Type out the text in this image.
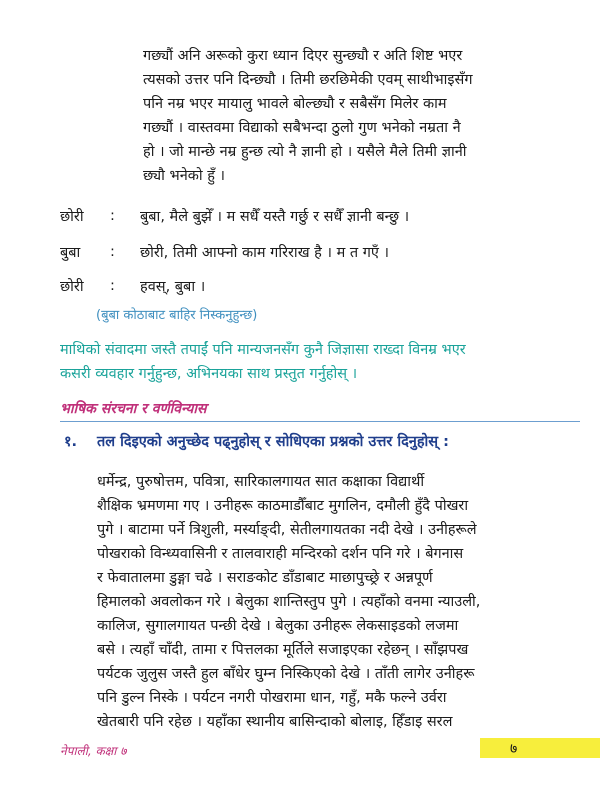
गछ्यौं अनि अरूको कुरा ध्यान दिएर सुन्छ्यौ र अति शिष्ट भएर
त्यसको उत्तर पनि दिन्छ्यौ । तिमी छरछिमेकी एवम् साथीभाइसँग
पनि नम्र भएर मायालु भावले बोल्छ्यौ र सबैसँग मिलेर काम
गछ्यौं । वास्तवमा विद्याको सबैभन्दा ठुलो गुण भनेको नम्रता नै
हो । जो मान्छे नम्र हुन्छ त्यो नै ज्ञानी हो । यसैले मैले तिमी ज्ञानी
छ्यौ भनेको हुँ ।
छोरी	:	बुबा, मैले बुझेँ । म सधैँ यस्तै गर्छु र सधैँ ज्ञानी बन्छु ।
बुबा	:	छोरी, तिमी आफ्नो काम गरिराख है । म त गएँ ।
छोरी	:	हवस्, बुबा ।
(बुबा कोठाबाट बाहिर निस्कनुहुन्छ)
माथिको संवादमा जस्तै तपाईं पनि मान्यजनसँग कुनै जिज्ञासा राख्दा विनम्र भएर
कसरी व्यवहार गर्नुहुन्छ, अभिनयका साथ प्रस्तुत गर्नुहोस् ।
भाषिक संरचना र वर्णविन्यास
१. तल दिइएको अनुच्छेद पढ्नुहोस् र सोधिएका प्रश्नको उत्तर दिनुहोस् :
धर्मेन्द्र, पुरुषोत्तम, पवित्रा, सारिकालगायत सात कक्षाका विद्यार्थी
शैक्षिक भ्रमणमा गए । उनीहरू काठमाडौँबाट मुगलिन, दमौली हुँदै पोखरा
पुगे । बाटामा पर्ने त्रिशुली, मर्स्याङ्दी, सेतीलगायतका नदी देखे । उनीहरूले
पोखराको विन्ध्यवासिनी र तालवाराही मन्दिरको दर्शन पनि गरे । बेगनास
र फेवातालमा डुङ्गा चढे । सराङकोट डाँडाबाट माछापुच्छ्रे र अन्नपूर्ण
हिमालको अवलोकन गरे । बेलुका शान्तिस्तुप पुगे । त्यहाँको वनमा न्याउली,
कालिज, सुगालगायत पन्छी देखे । बेलुका उनीहरू लेकसाइडको लजमा
बसे । त्यहाँ चाँदी, तामा र पित्तलका मूर्तिले सजाइएका रहेछन् । साँझपख
पर्यटक जुलुस जस्तै हुल बाँधेर घुम्न निस्किएको देखे । ताँती लागेर उनीहरू
पनि डुल्न निस्के । पर्यटन नगरी पोखरामा धान, गहुँ, मकै फल्ने उर्वरा
खेतबारी पनि रहेछ । यहाँका स्थानीय बासिन्दाको बोलाइ, हिँडाइ सरल
नेपाली, कक्षा ७	७
